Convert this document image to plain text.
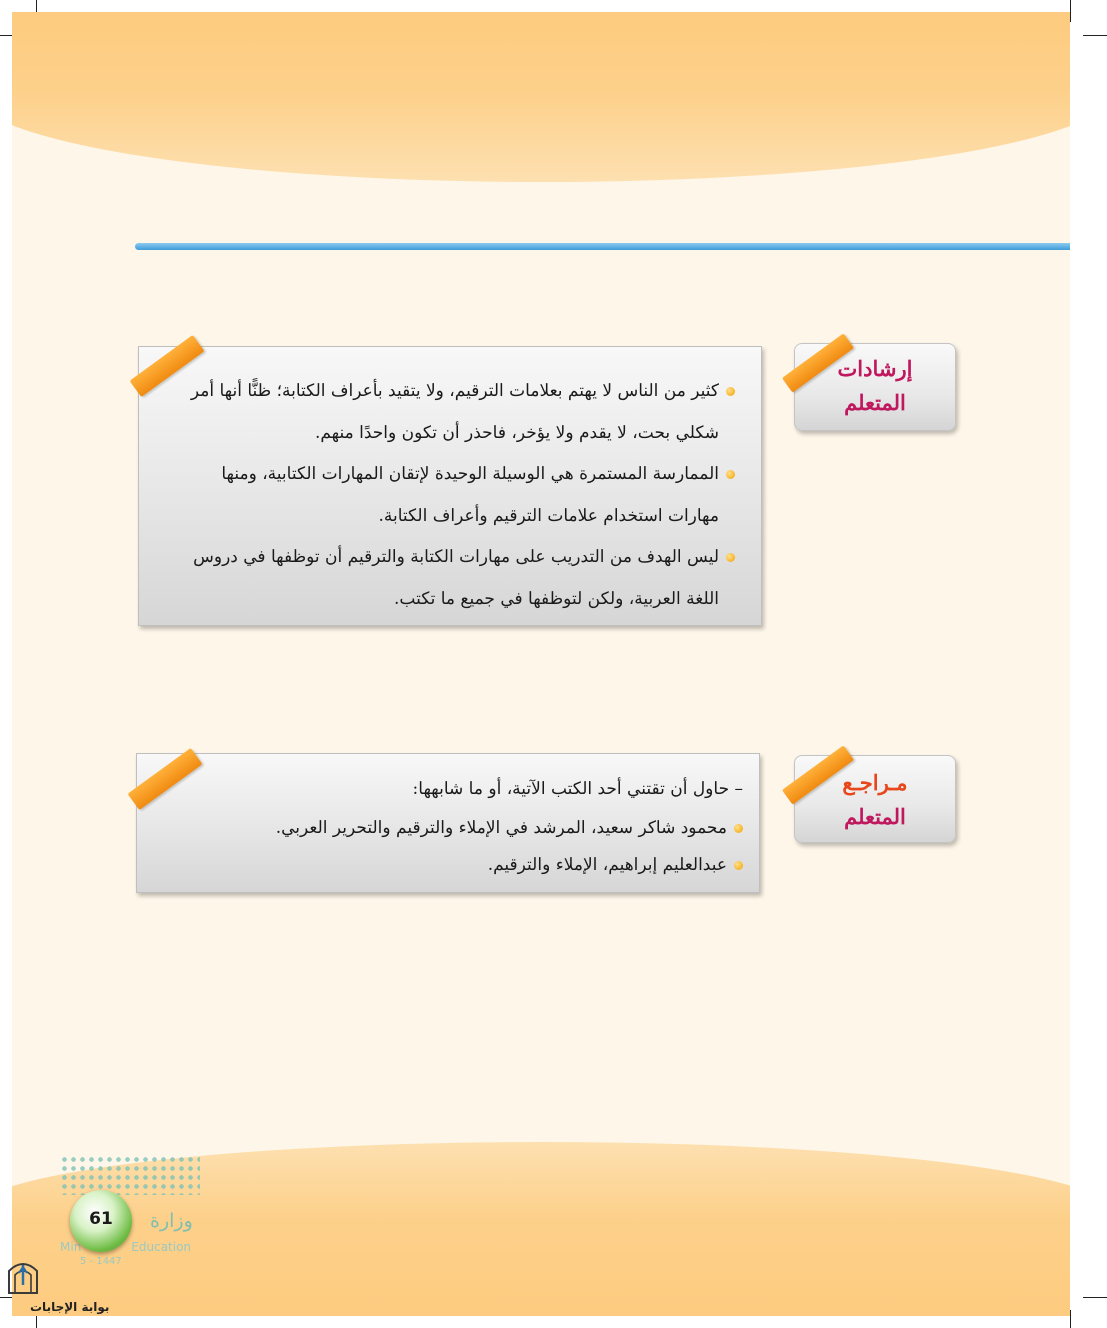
كثير من الناس لا يهتم بعلامات الترقيم، ولا يتقيد بأعراف الكتابة؛ ظنًّا أنها أمر شكلي بحت، لا يقدم ولا يؤخر، فاحذر أن تكون واحدًا منهم.
الممارسة المستمرة هي الوسيلة الوحيدة لإتقان المهارات الكتابية، ومنها مهارات استخدام علامات الترقيم وأعراف الكتابة.
ليس الهدف من التدريب على مهارات الكتابة والترقيم أن توظفها في دروس اللغة العربية، ولكن لتوظفها في جميع ما تكتب.
إرشادات
المتعلم
– حاول أن تقتني أحد الكتب الآتية، أو ما شابهها:
محمود شاكر سعيد، المرشد في الإملاء والترقيم والتحرير العربي.
عبدالعليم إبراهيم، الإملاء والترقيم.
مـراجـع
المتعلم
وزارة
Min	Education
5 - 1447
61
بوابة الإجابات
